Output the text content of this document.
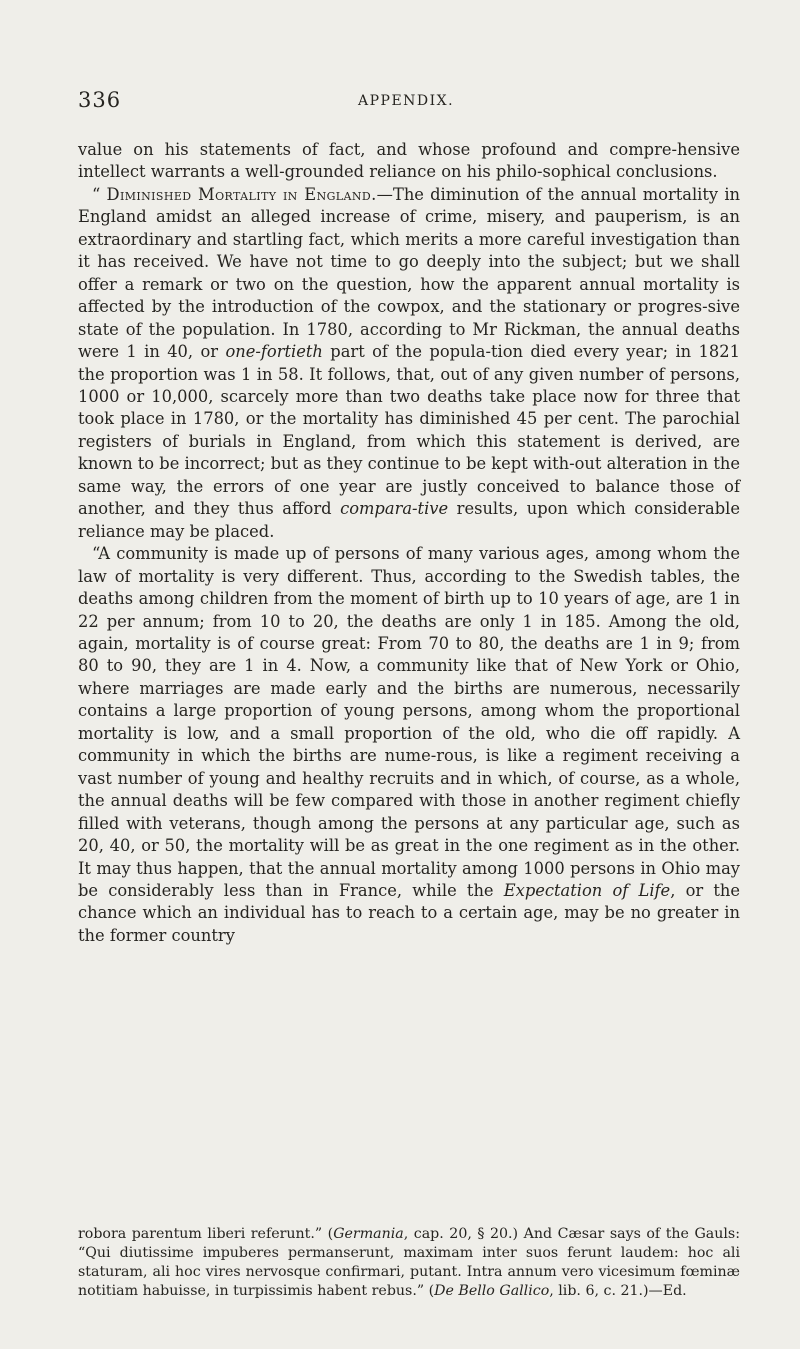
336	APPENDIX.

value on his statements of fact, and whose profound and compre-hensive intellect warrants a well-grounded reliance on his philo-sophical conclusions.

“ Diminished Mortality in England.—The diminution of the annual mortality in England amidst an alleged increase of crime, misery, and pauperism, is an extraordinary and startling fact, which merits a more careful investigation than it has received. We have not time to go deeply into the subject; but we shall offer a remark or two on the question, how the apparent annual mortality is affected by the introduction of the cowpox, and the stationary or progres-sive state of the population. In 1780, according to Mr Rickman, the annual deaths were 1 in 40, or one-fortieth part of the popula-tion died every year; in 1821 the proportion was 1 in 58. It follows, that, out of any given number of persons, 1000 or 10,000, scarcely more than two deaths take place now for three that took place in 1780, or the mortality has diminished 45 per cent. The parochial registers of burials in England, from which this statement is derived, are known to be incorrect; but as they continue to be kept with-out alteration in the same way, the errors of one year are justly conceived to balance those of another, and they thus afford compara-tive results, upon which considerable reliance may be placed.

“A community is made up of persons of many various ages, among whom the law of mortality is very different. Thus, according to the Swedish tables, the deaths among children from the moment of birth up to 10 years of age, are 1 in 22 per annum; from 10 to 20, the deaths are only 1 in 185. Among the old, again, mortality is of course great: From 70 to 80, the deaths are 1 in 9; from 80 to 90, they are 1 in 4. Now, a community like that of New York or Ohio, where marriages are made early and the births are numerous, necessarily contains a large proportion of young persons, among whom the proportional mortality is low, and a small proportion of the old, who die off rapidly. A community in which the births are nume-rous, is like a regiment receiving a vast number of young and healthy recruits and in which, of course, as a whole, the annual deaths will be few compared with those in another regiment chiefly filled with veterans, though among the persons at any particular age, such as 20, 40, or 50, the mortality will be as great in the one regiment as in the other. It may thus happen, that the annual mortality among 1000 persons in Ohio may be considerably less than in France, while the Expectation of Life, or the chance which an individual has to reach to a certain age, may be no greater in the former country

robora parentum liberi referunt.” (Germania, cap. 20, § 20.) And Cæsar says of the Gauls: “Qui diutissime impuberes permanserunt, maximam inter suos ferunt laudem: hoc ali staturam, ali hoc vires nervosque confirmari, putant. Intra annum vero vicesimum fœminæ notitiam habuisse, in turpissimis habent rebus.” (De Bello Gallico, lib. 6, c. 21.)—Ed.
